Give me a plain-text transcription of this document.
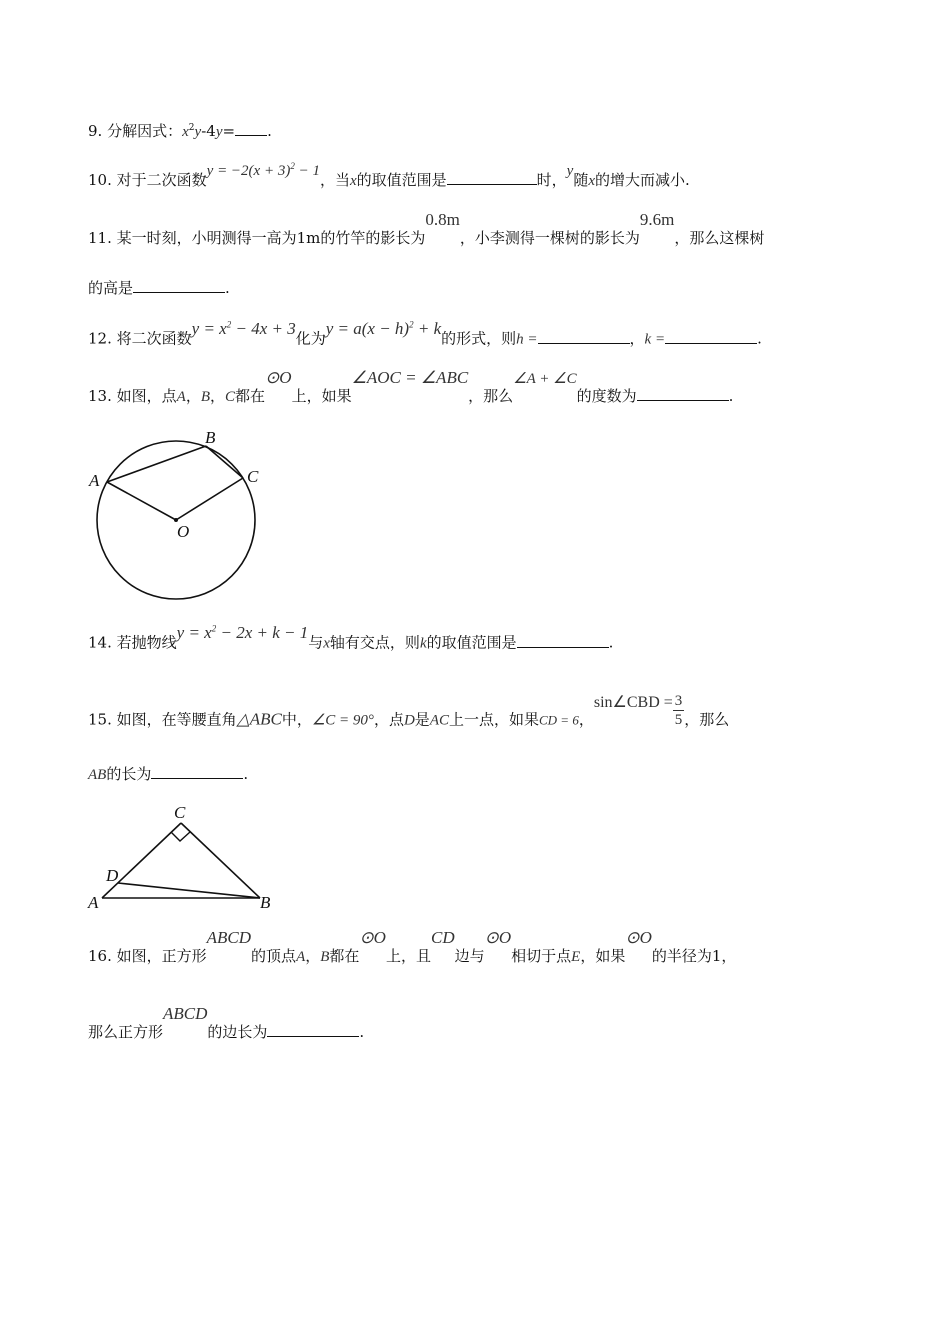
9. 分解因式：$x^2y-4y=$ .
10. 对于二次函数$y = -2(x + 3)^2 - 1$，当x的取值范围是	时，y随x的增大而减小.
11. 某一时刻，小明测得一高为1m的竹竿的影长为0.8m，小李测得一棵树的影长为9.6m，那么这棵树
的高是	.
12. 将二次函数$y = x^2 - 4x + 3$化为$y = a(x - h)^2 + k$的形式，则h =	，k =	.
13. 如图，点A，B，C都在⊙O上，如果∠AOC = ∠ABC，那么∠A + ∠C的度数为	.
A
B
C
O
14. 若抛物线$y = x^2 - 2x + k - 1$与x轴有交点，则k的取值范围是	.
15. 如图，在等腰直角△ABC中，∠C = 90°，点D是AC上一点，如果CD = 6，sin∠CBD = $\frac{3}{5}$ ，那么
AB的长为	.
C
D
A	B
16. 如图，正方形ABCD的顶点A，B都在⊙O上，且CD边与⊙O相切于点E，如果⊙O的半径为1，
那么正方形ABCD的边长为	.
